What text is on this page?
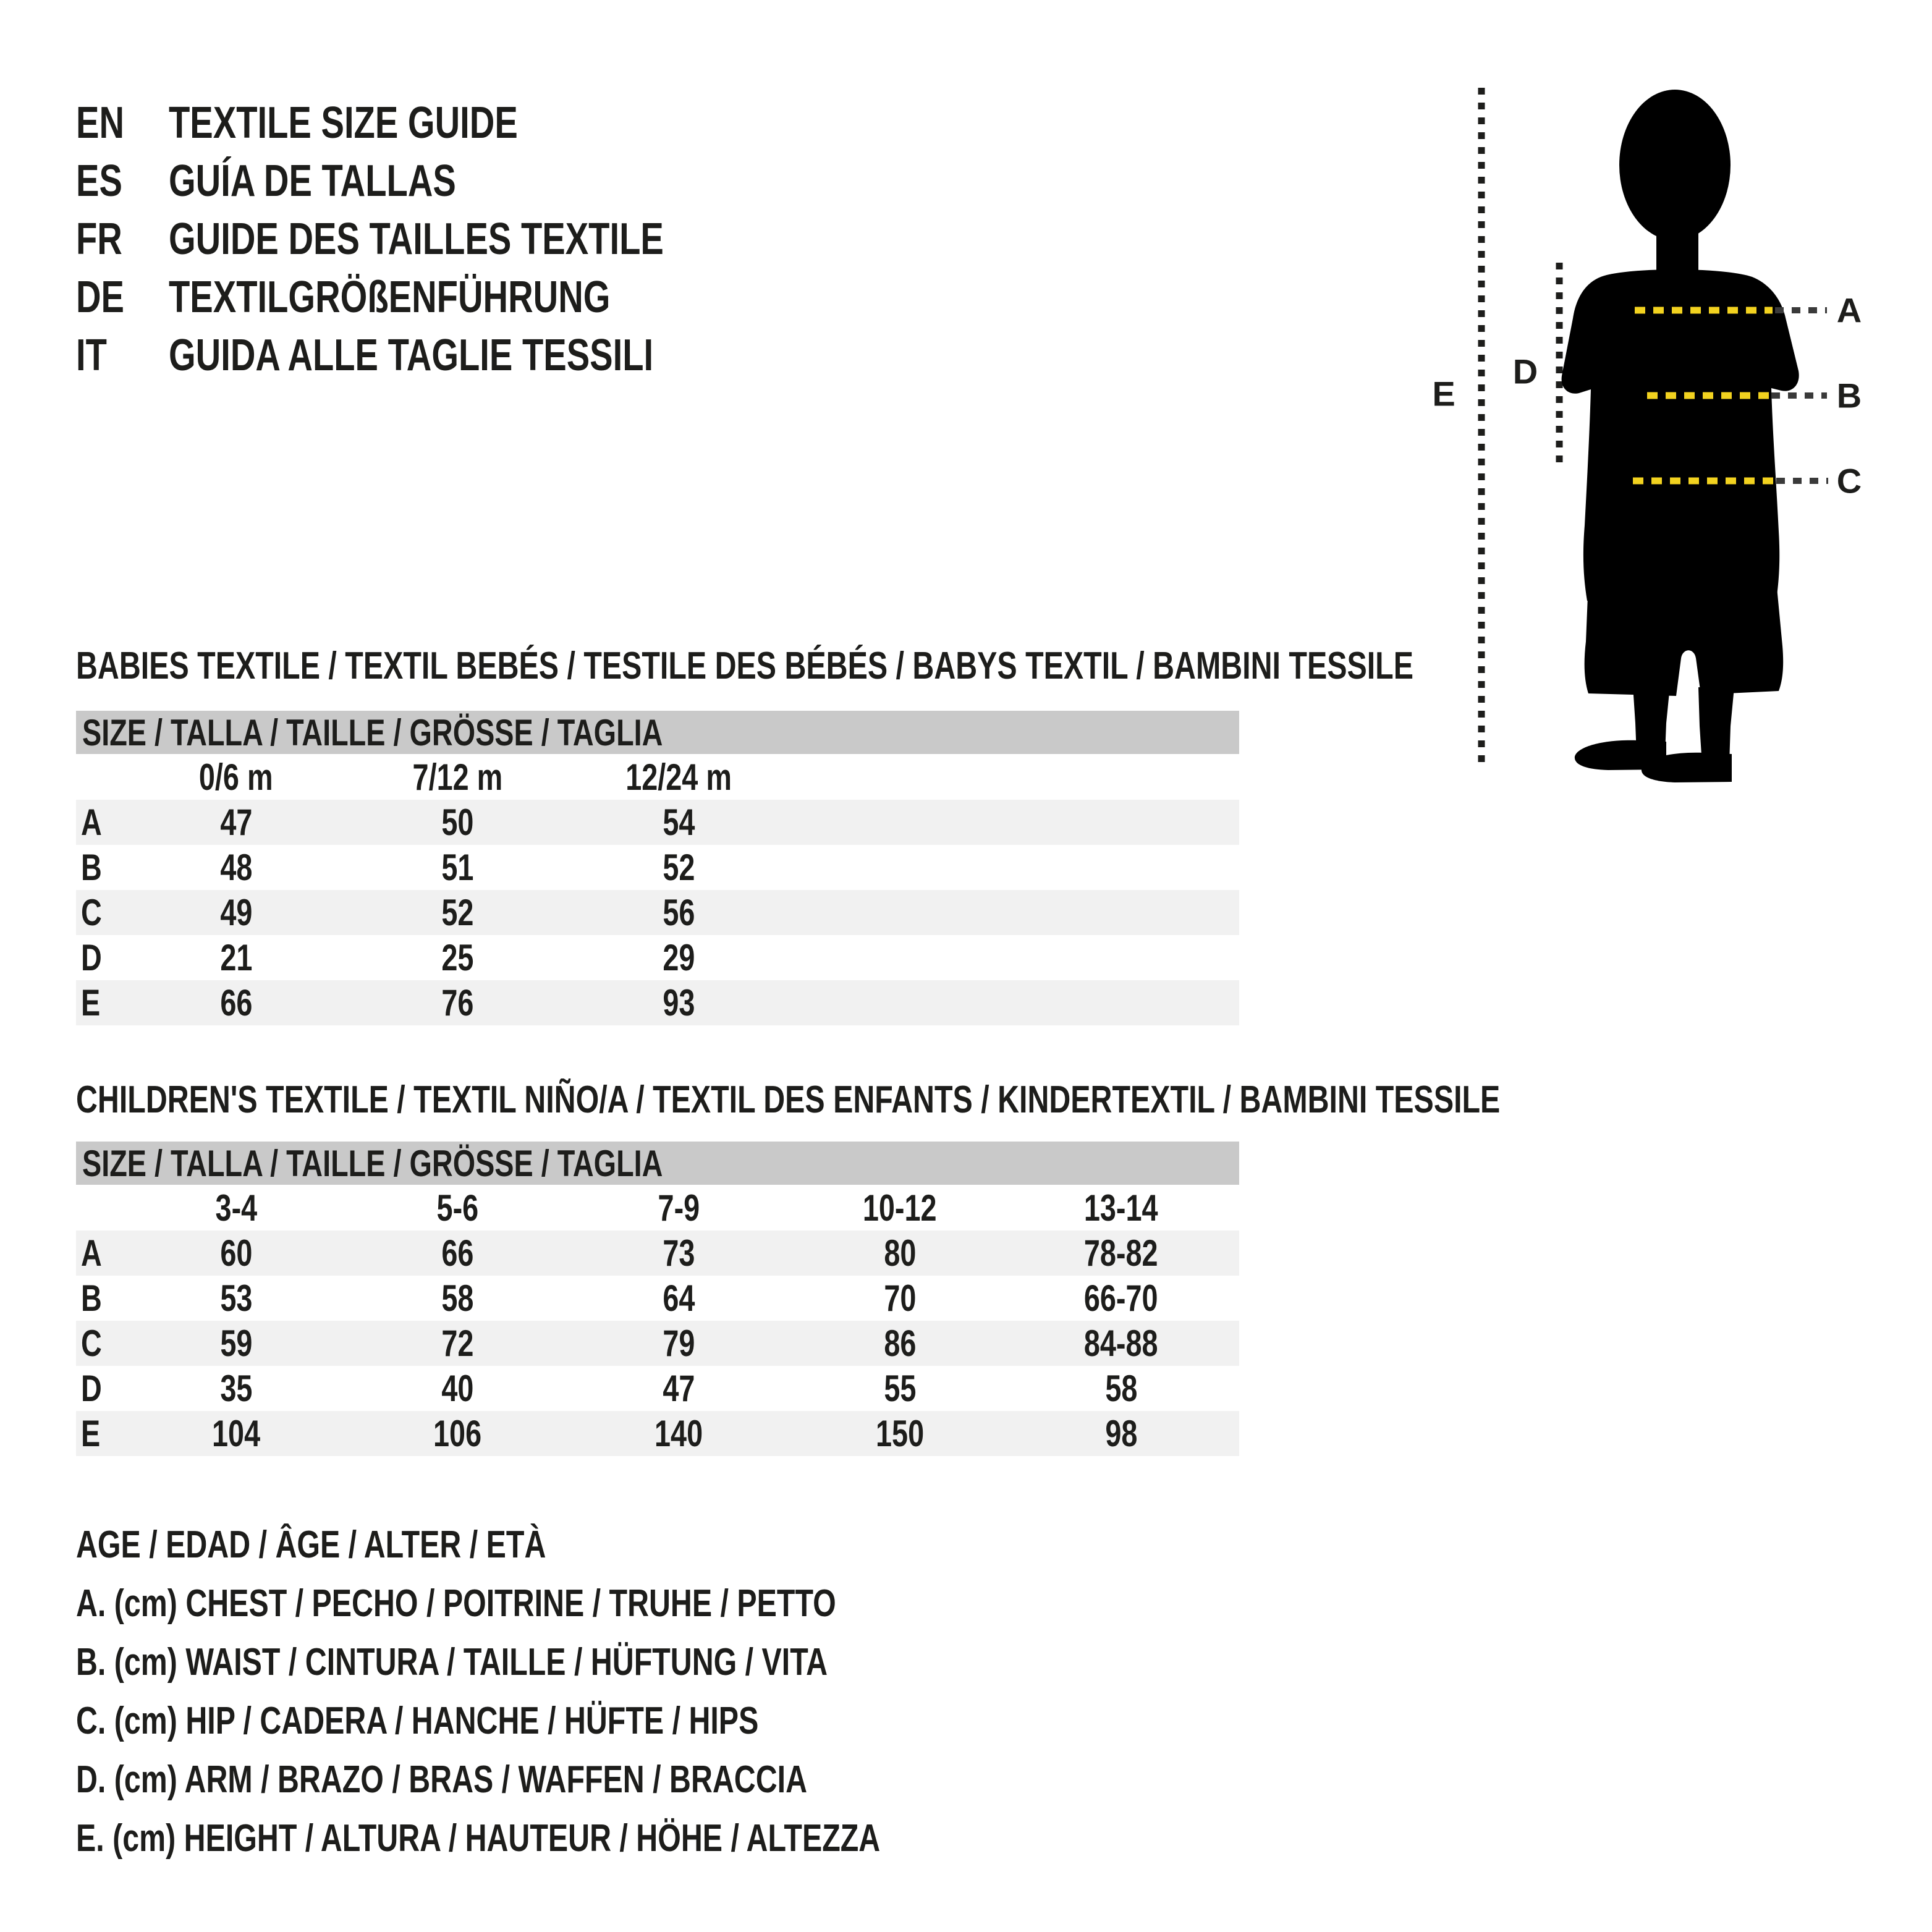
EN TEXTILE SIZE GUIDE
ES	GUÍA DE TALLAS
FR	GUIDE DES TAILLES TEXTILE
DE TEXTILGRÖßENFÜHRUNG
IT	GUIDA ALLE TAGLIE TESSILI
A
B
C
D
E
BABIES TEXTILE / TEXTIL BEBÉS / TESTILE DES BÉBÉS / BABYS TEXTIL / BAMBINI TESSILE
SIZE / TALLA / TAILLE / GRÖSSE / TAGLIA
0/6 m	7/12 m	12/24 m
A	47	50	54
B	48	51	52
C	49	52	56
D	21	25	29
E	66	76	93
CHILDREN'S TEXTILE / TEXTIL NIÑO/A / TEXTIL DES ENFANTS / KINDERTEXTIL / BAMBINI TESSILE
SIZE / TALLA / TAILLE / GRÖSSE / TAGLIA
3-4	5-6	7-9	10-12	13-14
A	60	66	73	80	78-82
B	53	58	64	70	66-70
C	59	72	79	86	84-88
D	35	40	47	55	58
E	104	106	140	150	98
AGE / EDAD / ÂGE / ALTER / ETÀ
A. (cm) CHEST / PECHO / POITRINE / TRUHE / PETTO
B. (cm) WAIST / CINTURA / TAILLE / HÜFTUNG / VITA
C. (cm) HIP / CADERA / HANCHE / HÜFTE / HIPS
D. (cm) ARM / BRAZO / BRAS / WAFFEN / BRACCIA
E. (cm) HEIGHT / ALTURA / HAUTEUR / HÖHE / ALTEZZA
